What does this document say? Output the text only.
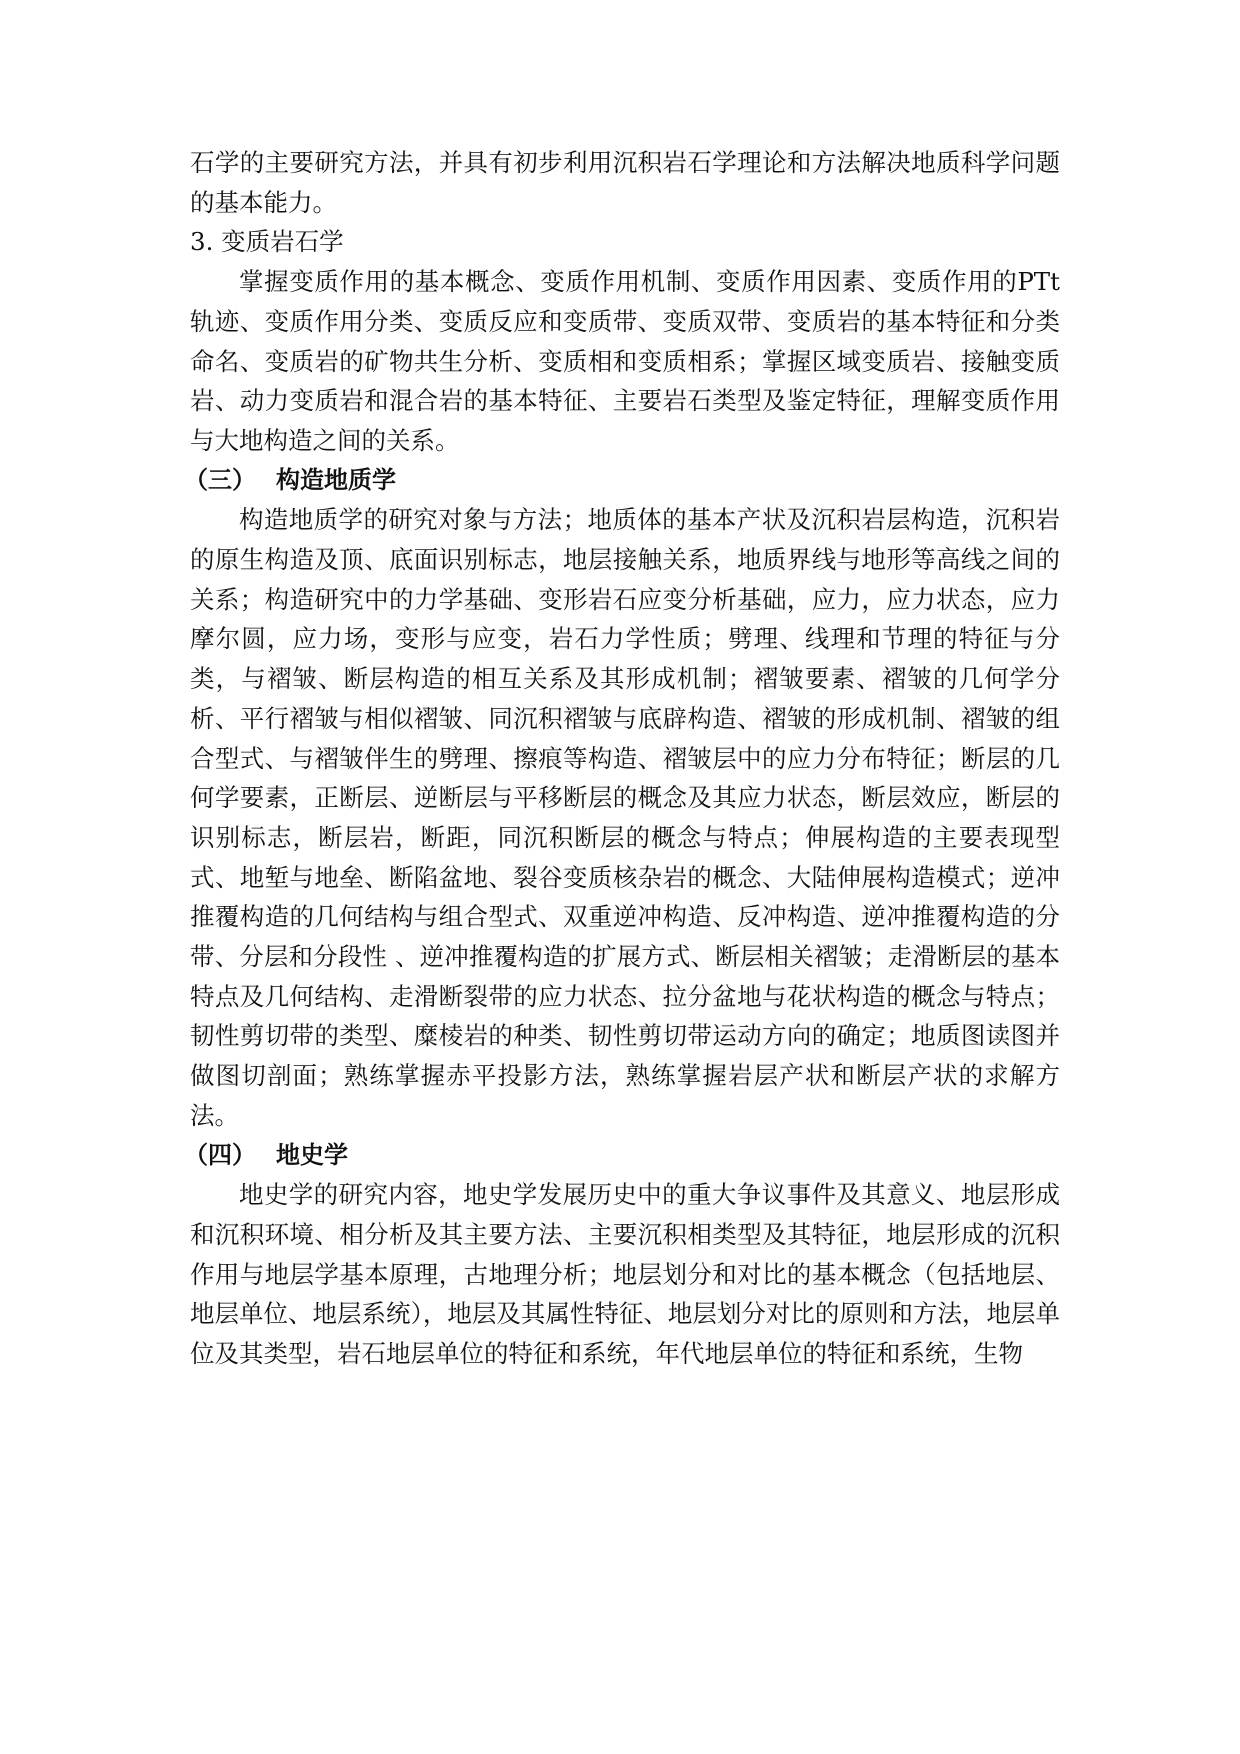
石学的主要研究方法，并具有初步利用沉积岩石学理论和方法解决地质科学问题的基本能力。

3. 变质岩石学

掌握变质作用的基本概念、变质作用机制、变质作用因素、变质作用的PTt轨迹、变质作用分类、变质反应和变质带、变质双带、变质岩的基本特征和分类命名、变质岩的矿物共生分析、变质相和变质相系；掌握区域变质岩、接触变质岩、动力变质岩和混合岩的基本特征、主要岩石类型及鉴定特征，理解变质作用与大地构造之间的关系。

（三） 构造地质学

构造地质学的研究对象与方法；地质体的基本产状及沉积岩层构造，沉积岩的原生构造及顶、底面识别标志，地层接触关系，地质界线与地形等高线之间的关系；构造研究中的力学基础、变形岩石应变分析基础，应力，应力状态，应力摩尔圆，应力场，变形与应变，岩石力学性质；劈理、线理和节理的特征与分类，与褶皱、断层构造的相互关系及其形成机制；褶皱要素、褶皱的几何学分析、平行褶皱与相似褶皱、同沉积褶皱与底辟构造、褶皱的形成机制、褶皱的组合型式、与褶皱伴生的劈理、擦痕等构造、褶皱层中的应力分布特征；断层的几何学要素，正断层、逆断层与平移断层的概念及其应力状态，断层效应，断层的识别标志，断层岩，断距，同沉积断层的概念与特点；伸展构造的主要表现型式、地堑与地垒、断陷盆地、裂谷变质核杂岩的概念、大陆伸展构造模式；逆冲推覆构造的几何结构与组合型式、双重逆冲构造、反冲构造、逆冲推覆构造的分带、分层和分段性 、逆冲推覆构造的扩展方式、断层相关褶皱；走滑断层的基本特点及几何结构、走滑断裂带的应力状态、拉分盆地与花状构造的概念与特点；韧性剪切带的类型、糜棱岩的种类、韧性剪切带运动方向的确定；地质图读图并做图切剖面；熟练掌握赤平投影方法，熟练掌握岩层产状和断层产状的求解方法。

（四） 地史学

地史学的研究内容，地史学发展历史中的重大争议事件及其意义、地层形成和沉积环境、相分析及其主要方法、主要沉积相类型及其特征，地层形成的沉积作用与地层学基本原理，古地理分析；地层划分和对比的基本概念（包括地层、地层单位、地层系统），地层及其属性特征、地层划分对比的原则和方法，地层单位及其类型，岩石地层单位的特征和系统，年代地层单位的特征和系统，生物
